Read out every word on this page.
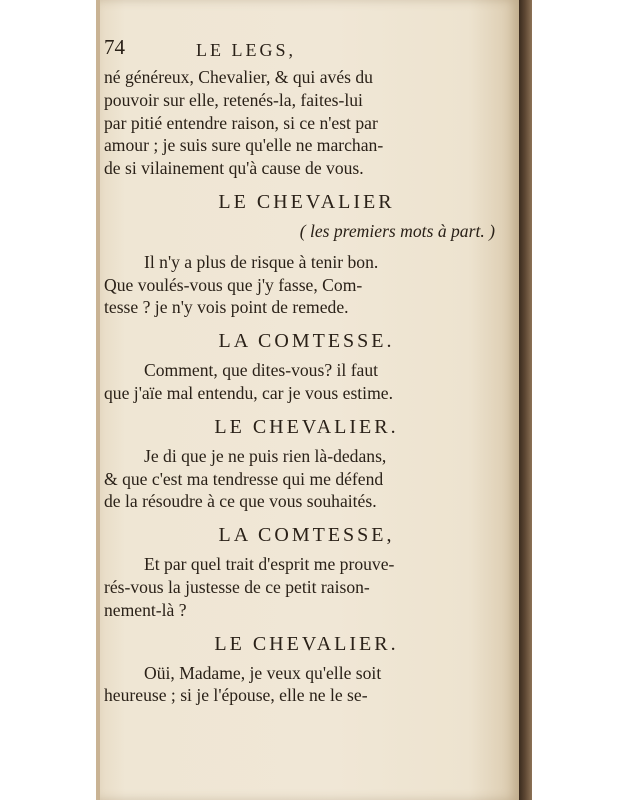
74	LE LEGS,
né généreux, Chevalier, & qui avés du
pouvoir sur elle, retenés-la, faites-lui
par pitié entendre raison, si ce n'est par
amour ; je suis sure qu'elle ne marchan-
de si vilainement qu'à cause de vous.
LE CHEVALIER
( les premiers mots à part. )
Il n'y a plus de risque à tenir bon.
Que voulés-vous que j'y fasse, Com-
tesse ? je n'y vois point de remede.
LA COMTESSE.
Comment, que dites-vous? il faut
que j'aïe mal entendu, car je vous estime.
LE CHEVALIER.
Je di que je ne puis rien là-dedans,
& que c'est ma tendresse qui me défend
de la résoudre à ce que vous souhaités.
LA COMTESSE,
Et par quel trait d'esprit me prouve-
rés-vous la justesse de ce petit raison-
nement-là ?
LE CHEVALIER.
Oüi, Madame, je veux qu'elle soit
heureuse ; si je l'épouse, elle ne le se-
